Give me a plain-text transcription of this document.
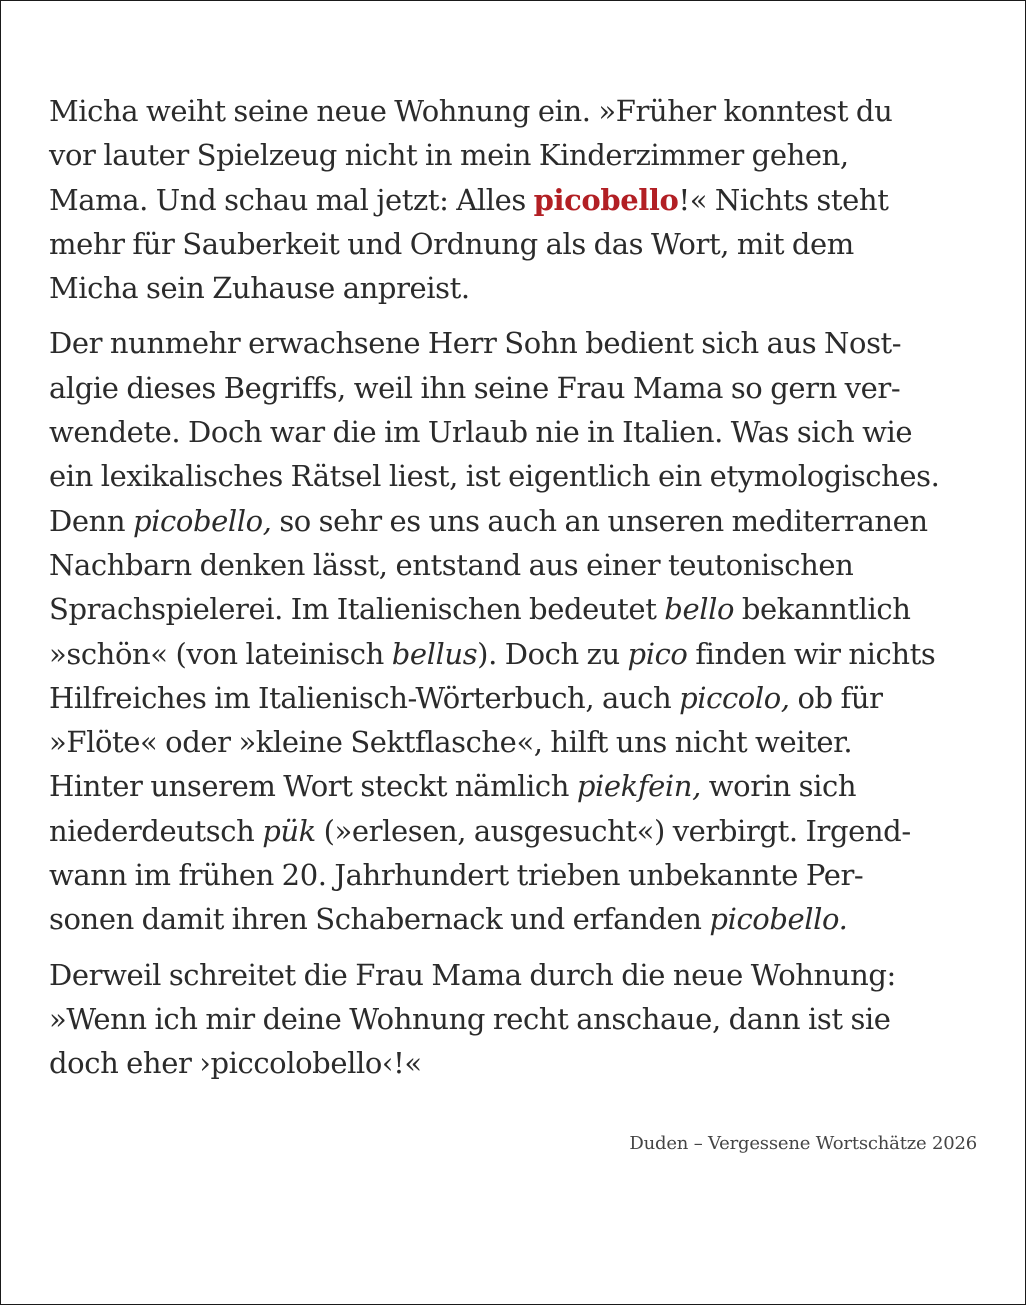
Micha weiht seine neue Wohnung ein. »Früher konntest du
vor lauter Spielzeug nicht in mein Kinderzimmer gehen,
Mama. Und schau mal jetzt: Alles picobello!« Nichts steht
mehr für Sauberkeit und Ordnung als das Wort, mit dem
Micha sein Zuhause anpreist.

Der nunmehr erwachsene Herr Sohn bedient sich aus Nost-
algie dieses Begriffs, weil ihn seine Frau Mama so gern ver-
wendete. Doch war die im Urlaub nie in Italien. Was sich wie
ein lexikalisches Rätsel liest, ist eigentlich ein etymologisches.
Denn picobello, so sehr es uns auch an unseren mediterranen
Nachbarn denken lässt, entstand aus einer teutonischen
Sprachspielerei. Im Italienischen bedeutet bello bekanntlich
»schön« (von lateinisch bellus). Doch zu pico finden wir nichts
Hilfreiches im Italienisch-Wörterbuch, auch piccolo, ob für
»Flöte« oder »kleine Sektflasche«, hilft uns nicht weiter.
Hinter unserem Wort steckt nämlich piekfein, worin sich
niederdeutsch pük (»erlesen, ausgesucht«) verbirgt. Irgend-
wann im frühen 20. Jahrhundert trieben unbekannte Per-
sonen damit ihren Schabernack und erfanden picobello.

Derweil schreitet die Frau Mama durch die neue Wohnung:
»Wenn ich mir deine Wohnung recht anschaue, dann ist sie
doch eher ›piccolobello‹!«

Duden – Vergessene Wortschätze 2026
